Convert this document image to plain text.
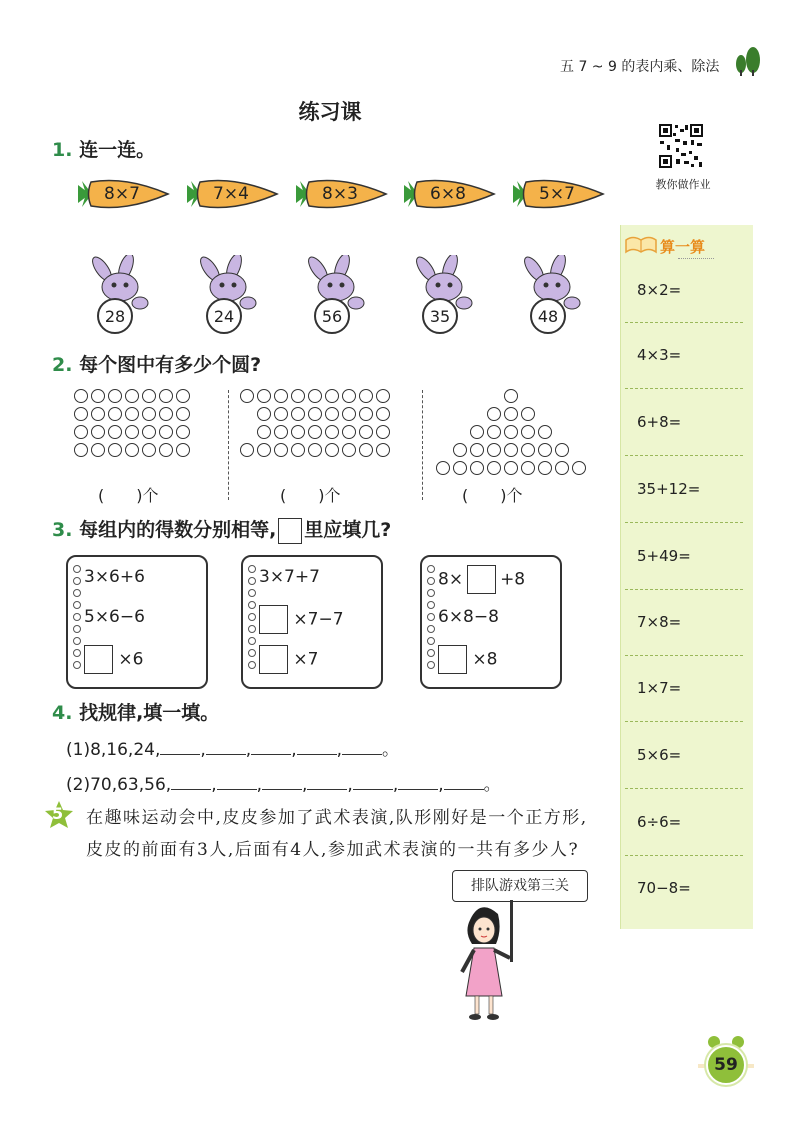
五 7 ~ 9 的表内乘、除法
练习课
教你做作业
算一算
8×2=
4×3=
6+8=
35+12=
5+49=
7×8=
1×7=
5×6=
6÷6=
70−8=
1. 连一连。
8×7	7×4	8×3	6×8	5×7
28	24	56	35	48
2. 每个图中有多少个圆?
(　　)个	(　　)个	(　　)个
3. 每组内的得数分别相等, 里应填几?
3×6+6
5×6−6
×6
3×7+7
×7−7
×7
8× +8
6×8−8
×8
4. 找规律,填一填。
(1)8,16,24, , , , , 。
(2)70,63,56, , , , , , , 。
5 在趣味运动会中,皮皮参加了武术表演,队形刚好是一个正方形,皮皮的前面有3人,后面有4人,参加武术表演的一共有多少人?
排队游戏第三关
59
